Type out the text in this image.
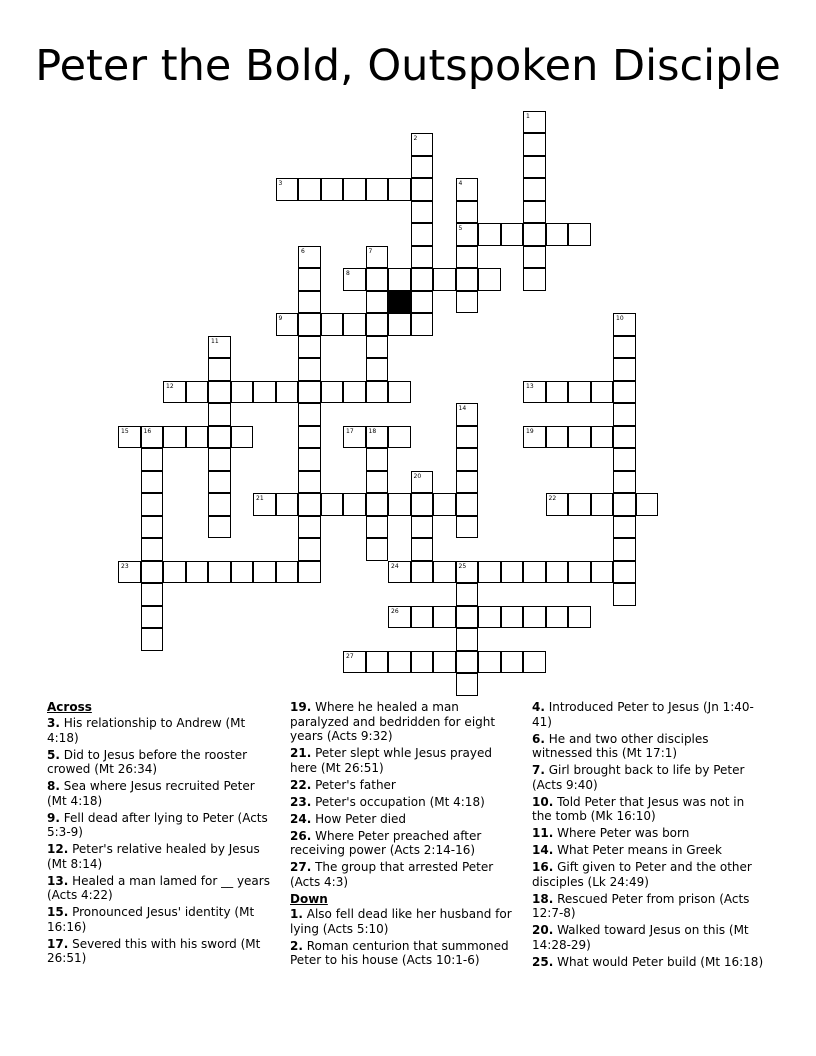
Peter the Bold, Outspoken Disciple
1
2
3	4
5
6	7
8
9	10
11
12	13
14
15 16	17 18	19
20
21	22
23	24	25
26
27
Across
3. His relationship to Andrew (Mt 4:18)
5. Did to Jesus before the rooster crowed (Mt 26:34)
8. Sea where Jesus recruited Peter (Mt 4:18)
9. Fell dead after lying to Peter (Acts 5:3-9)
12. Peter's relative healed by Jesus (Mt 8:14)
13. Healed a man lamed for __ years (Acts 4:22)
15. Pronounced Jesus' identity (Mt 16:16)
17. Severed this with his sword (Mt 26:51)
19. Where he healed a man paralyzed and bedridden for eight years (Acts 9:32)
21. Peter slept whle Jesus prayed here (Mt 26:51)
22. Peter's father
23. Peter's occupation (Mt 4:18)
24. How Peter died
26. Where Peter preached after receiving power (Acts 2:14-16)
27. The group that arrested Peter (Acts 4:3)
Down
1. Also fell dead like her husband for lying (Acts 5:10)
2. Roman centurion that summoned Peter to his house (Acts 10:1-6)
4. Introduced Peter to Jesus (Jn 1:40-41)
6. He and two other disciples witnessed this (Mt 17:1)
7. Girl brought back to life by Peter (Acts 9:40)
10. Told Peter that Jesus was not in the tomb (Mk 16:10)
11. Where Peter was born
14. What Peter means in Greek
16. Gift given to Peter and the other disciples (Lk 24:49)
18. Rescued Peter from prison (Acts 12:7-8)
20. Walked toward Jesus on this (Mt 14:28-29)
25. What would Peter build (Mt 16:18)
